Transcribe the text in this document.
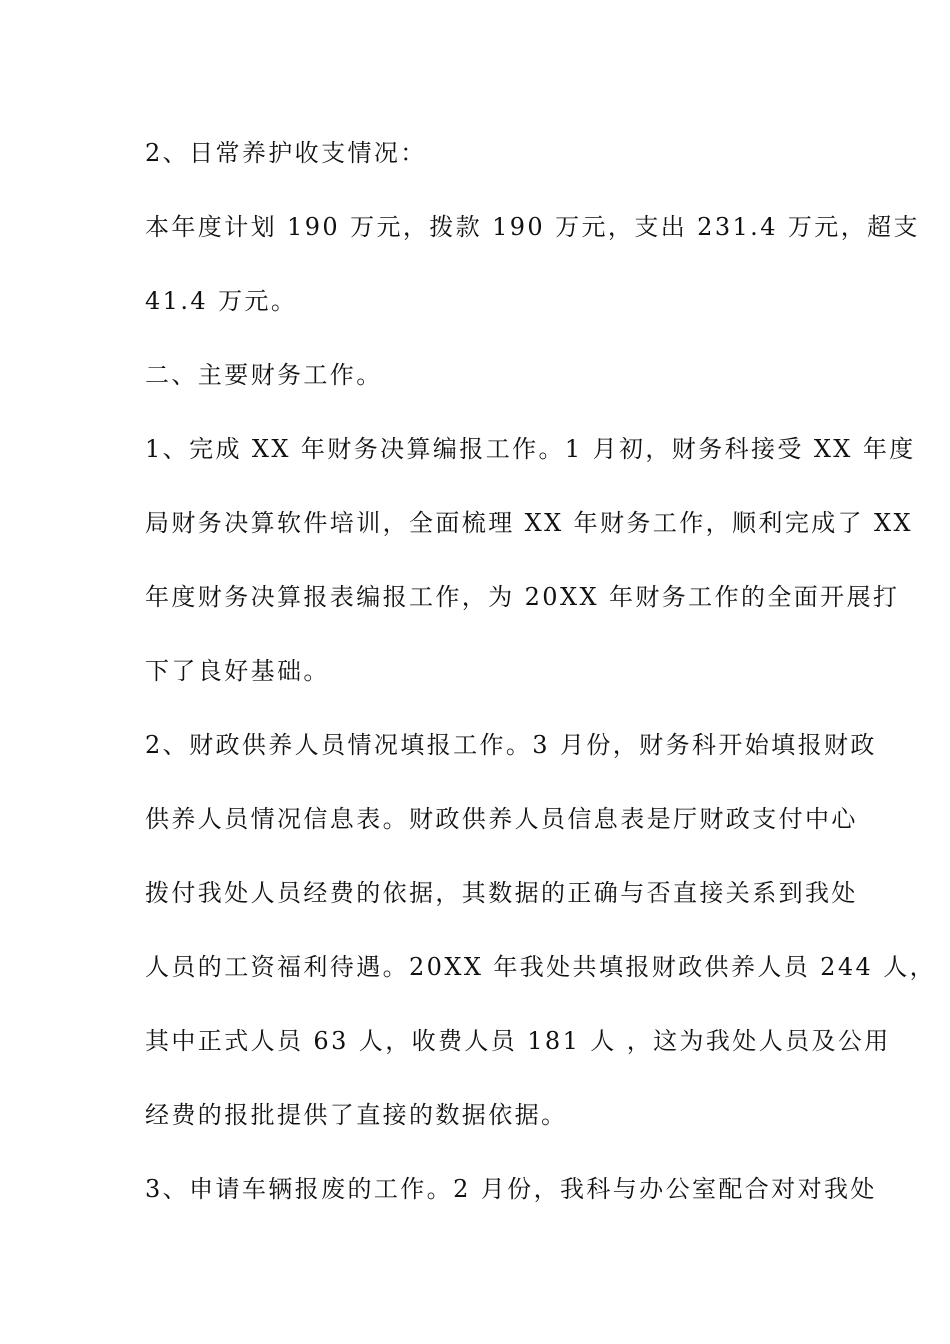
2、日常养护收支情况：
本年度计划 190 万元，拨款 190 万元，支出 231.4 万元，超支
41.4 万元。
二、主要财务工作。
1、完成 XX 年财务决算编报工作。1 月初，财务科接受 XX 年度
局财务决算软件培训，全面梳理 XX 年财务工作，顺利完成了 XX
年度财务决算报表编报工作，为 20XX 年财务工作的全面开展打
下了良好基础。
2、财政供养人员情况填报工作。3 月份，财务科开始填报财政
供养人员情况信息表。财政供养人员信息表是厅财政支付中心
拨付我处人员经费的依据，其数据的正确与否直接关系到我处
人员的工资福利待遇。20XX 年我处共填报财政供养人员 244 人，
其中正式人员 63 人，收费人员 181 人 ，这为我处人员及公用
经费的报批提供了直接的数据依据。
3、申请车辆报废的工作。2 月份，我科与办公室配合对对我处
